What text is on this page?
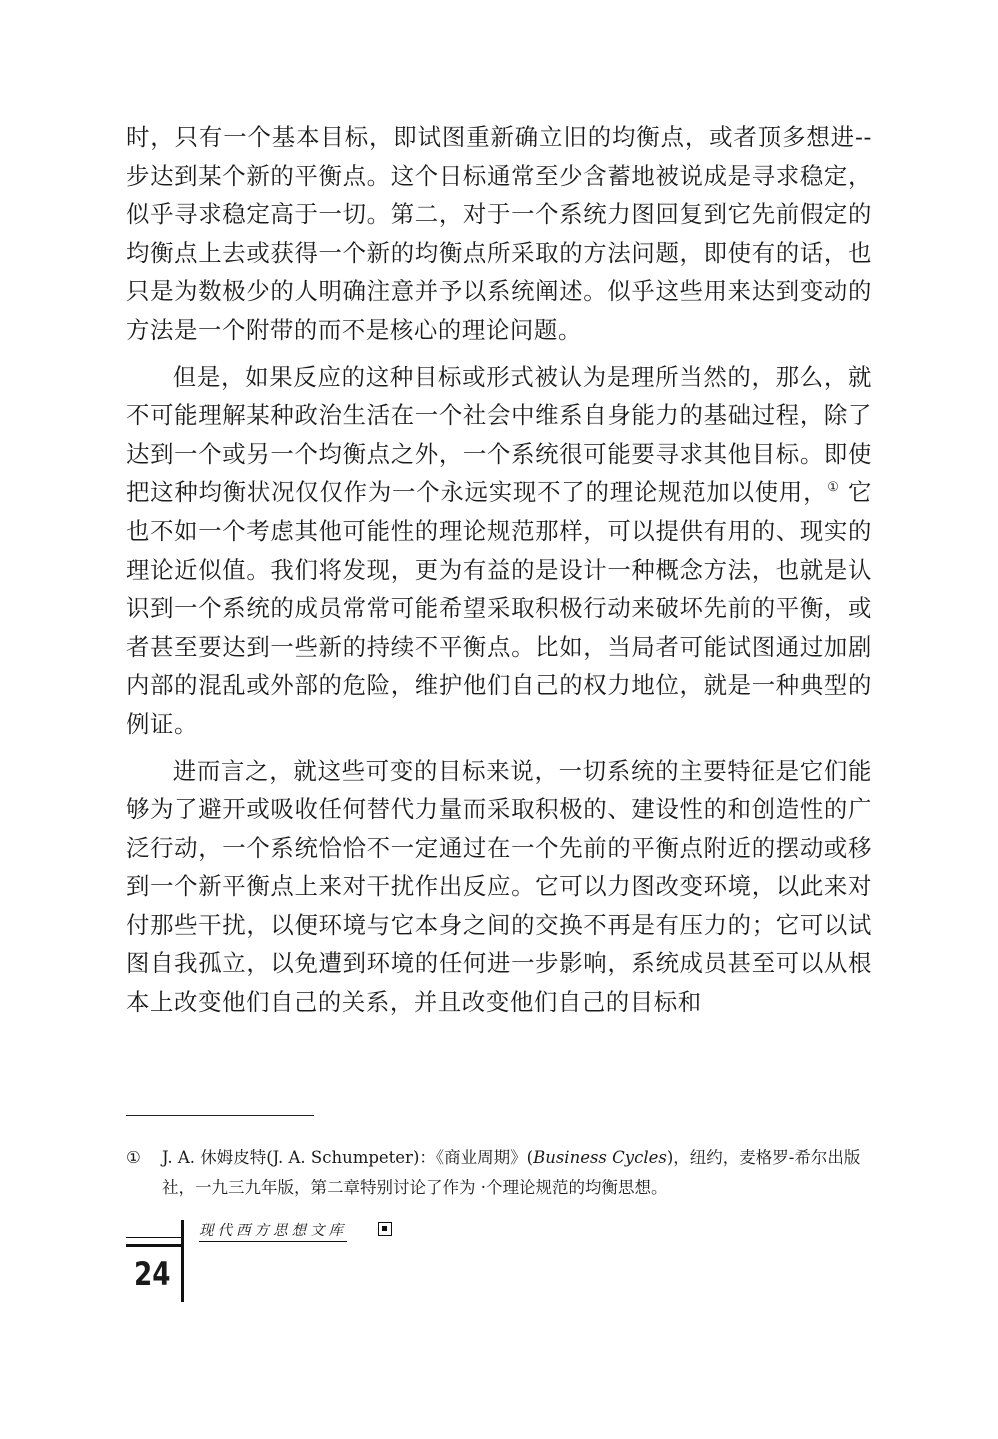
时，只有一个基本目标，即试图重新确立旧的均衡点，或者顶多想进--步达到某个新的平衡点。这个日标通常至少含蓄地被说成是寻求稳定，似乎寻求稳定高于一切。第二，对于一个系统力图回复到它先前假定的均衡点上去或获得一个新的均衡点所采取的方法问题，即使有的话，也只是为数极少的人明确注意并予以系统阐述。似乎这些用来达到变动的方法是一个附带的而不是核心的理论问题。

但是，如果反应的这种目标或形式被认为是理所当然的，那么，就不可能理解某种政治生活在一个社会中维系自身能力的基础过程，除了达到一个或另一个均衡点之外，一个系统很可能要寻求其他目标。即使把这种均衡状况仅仅作为一个永远实现不了的理论规范加以使用，① 它也不如一个考虑其他可能性的理论规范那样，可以提供有用的、现实的理论近似值。我们将发现，更为有益的是设计一种概念方法，也就是认识到一个系统的成员常常可能希望采取积极行动来破坏先前的平衡，或者甚至要达到一些新的持续不平衡点。比如，当局者可能试图通过加剧内部的混乱或外部的危险，维护他们自己的权力地位，就是一种典型的例证。

进而言之，就这些可变的目标来说，一切系统的主要特征是它们能够为了避开或吸收任何替代力量而采取积极的、建设性的和创造性的广泛行动，一个系统恰恰不一定通过在一个先前的平衡点附近的摆动或移到一个新平衡点上来对干扰作出反应。它可以力图改变环境，以此来对付那些干扰，以便环境与它本身之间的交换不再是有压力的；它可以试图自我孤立，以免遭到环境的任何进一步影响，系统成员甚至可以从根本上改变他们自己的关系，并且改变他们自己的目标和

①	J. A. 休姆皮特(J. A. Schumpeter)：《商业周期》(Business Cycles)，纽约，麦格罗-希尔出版社，一九三九年版，第二章特别讨论了作为 ·个理论规范的均衡思想。
现代西方思想文库
24
